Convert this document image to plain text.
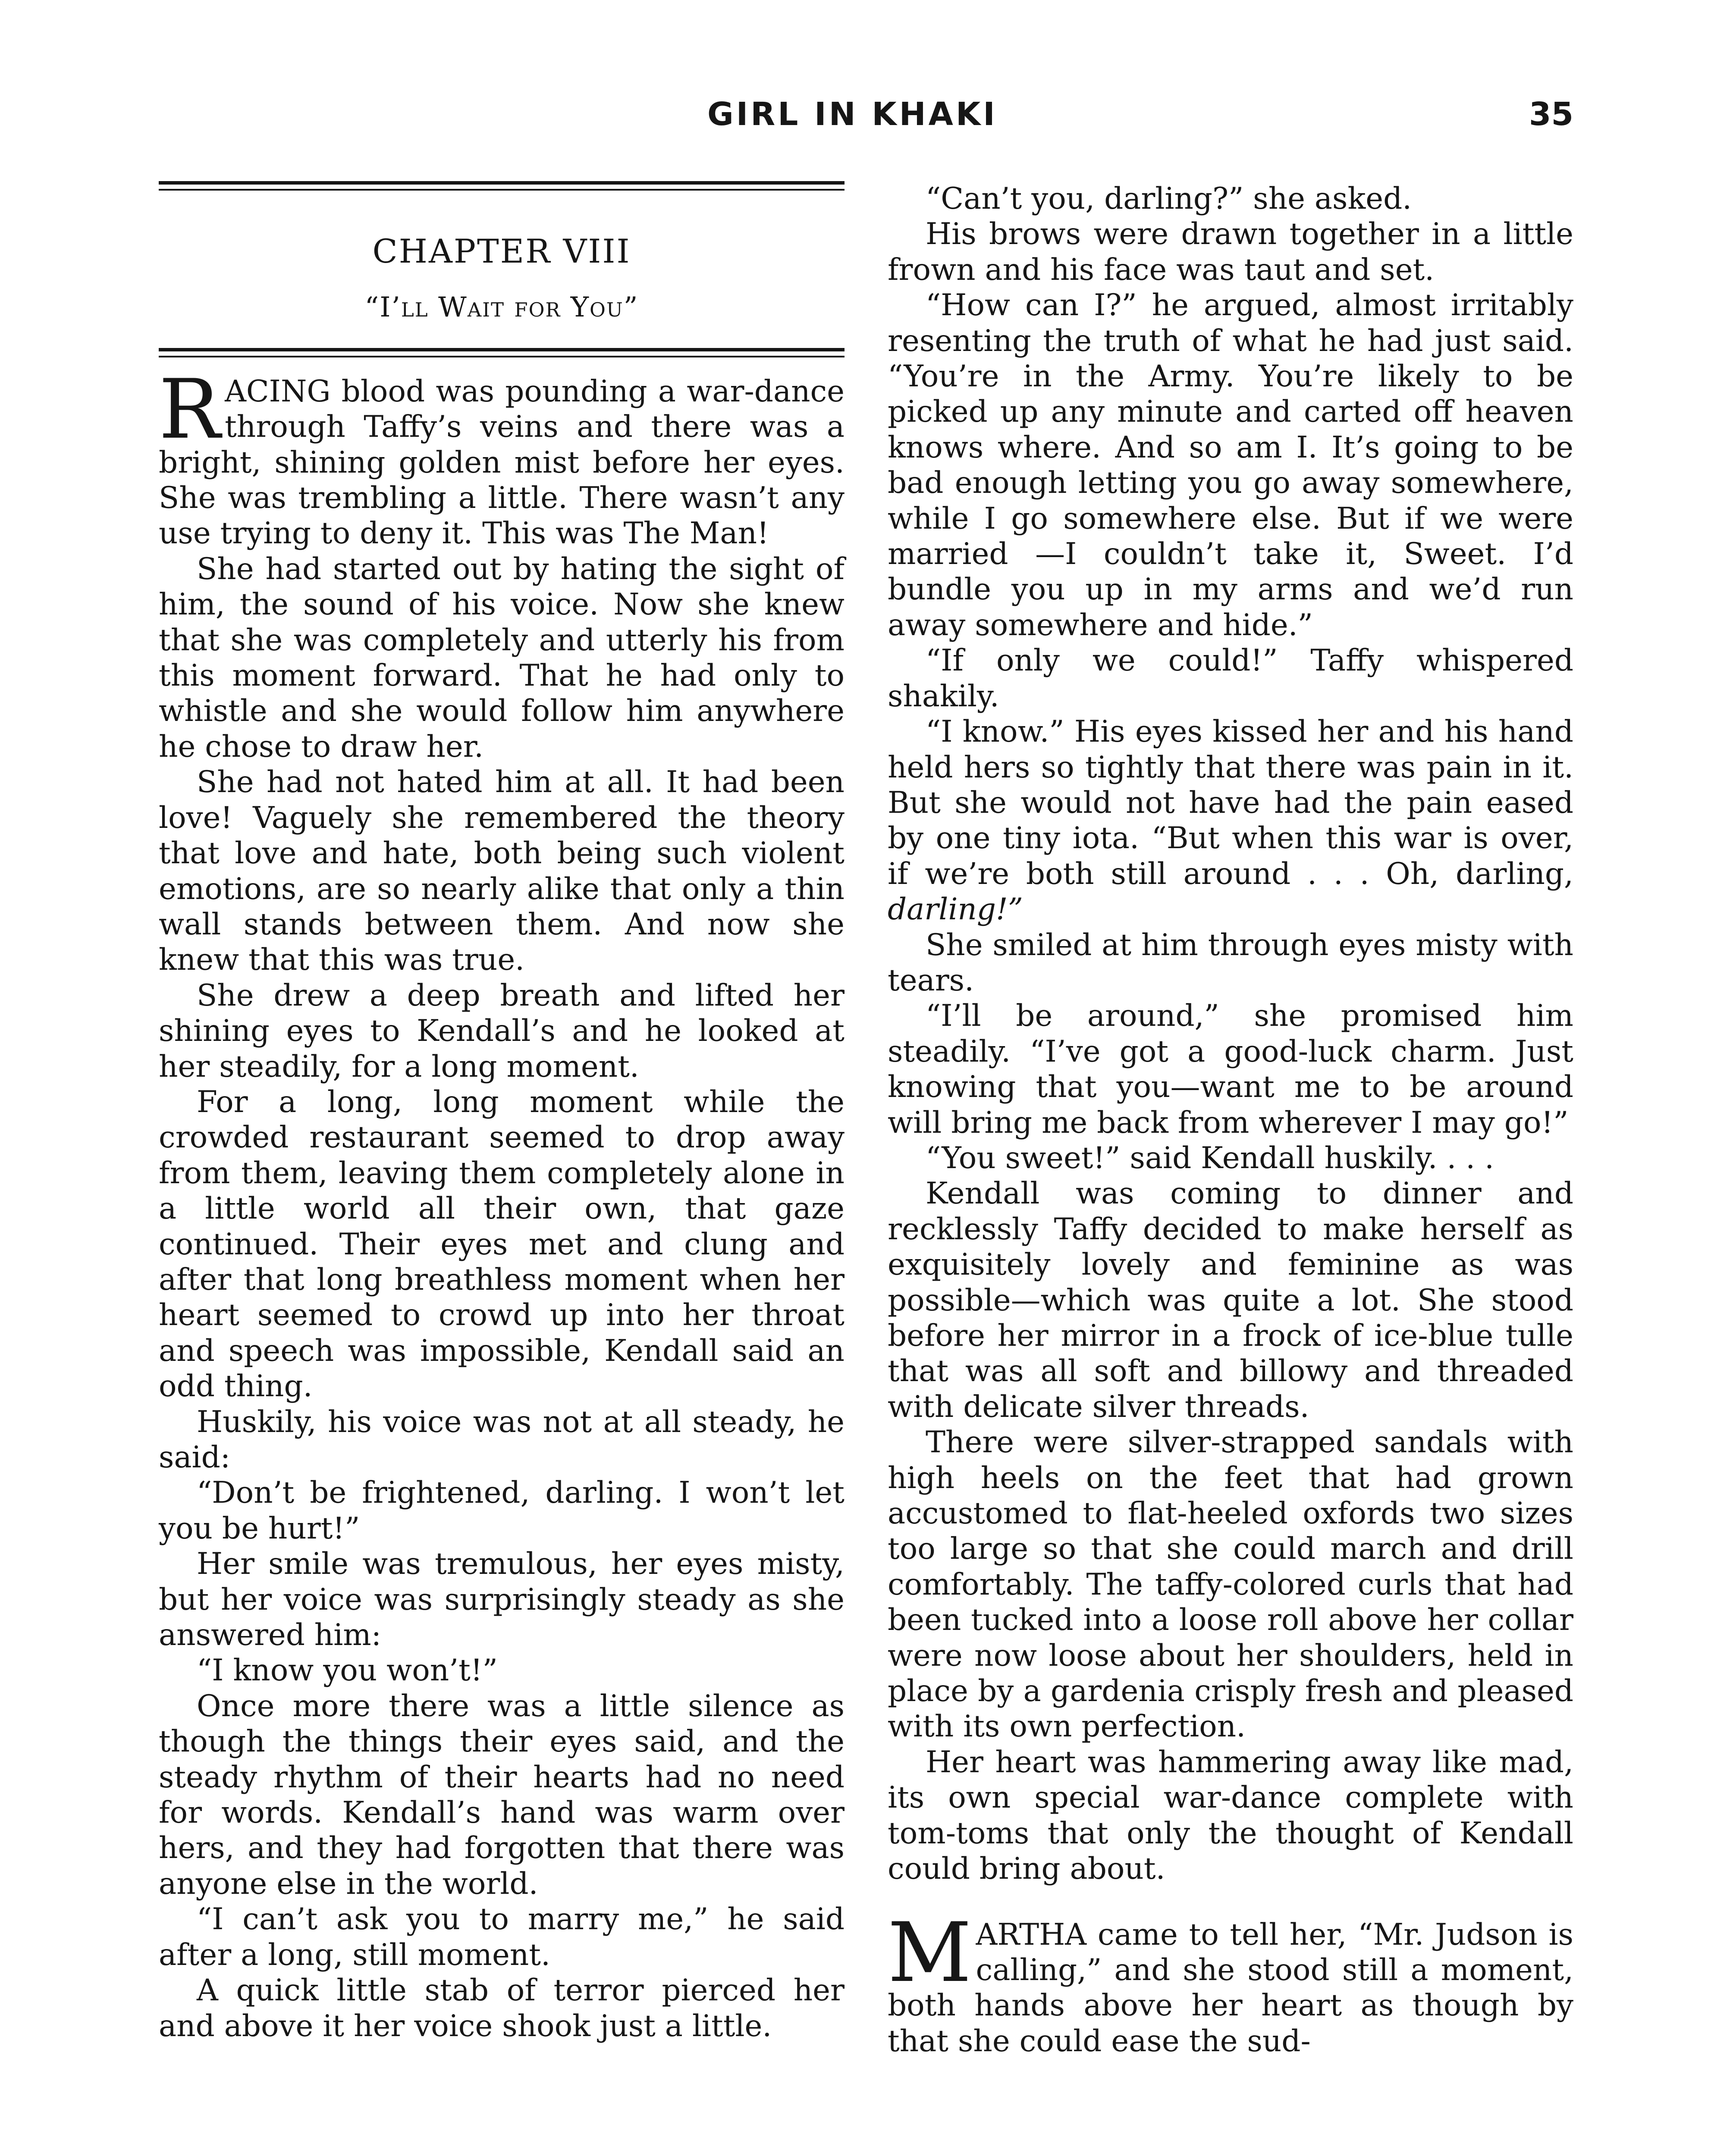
GIRL IN KHAKI	35
CHAPTER VIII
“I’ll Wait for You”

RACING blood was pounding a war-dance through Taffy’s veins and there was a bright, shining golden mist before her eyes. She was trembling a little. There wasn’t any use trying to deny it. This was The Man!

She had started out by hating the sight of him, the sound of his voice. Now she knew that she was completely and utterly his from this moment forward. That he had only to whistle and she would follow him anywhere he chose to draw her.

She had not hated him at all. It had been love! Vaguely she remembered the theory that love and hate, both being such violent emotions, are so nearly alike that only a thin wall stands between them. And now she knew that this was true.

She drew a deep breath and lifted her shining eyes to Kendall’s and he looked at her steadily, for a long moment.

For a long, long moment while the crowded restaurant seemed to drop away from them, leaving them completely alone in a little world all their own, that gaze continued. Their eyes met and clung and after that long breathless moment when her heart seemed to crowd up into her throat and speech was impossible, Kendall said an odd thing.

Huskily, his voice was not at all steady, he said:

“Don’t be frightened, darling. I won’t let you be hurt!”

Her smile was tremulous, her eyes misty, but her voice was surprisingly steady as she answered him:

“I know you won’t!”

Once more there was a little silence as though the things their eyes said, and the steady rhythm of their hearts had no need for words. Kendall’s hand was warm over hers, and they had forgotten that there was anyone else in the world.

“I can’t ask you to marry me,” he said after a long, still moment.

A quick little stab of terror pierced her and above it her voice shook just a little.

“Can’t you, darling?” she asked.

His brows were drawn together in a little frown and his face was taut and set.

“How can I?” he argued, almost irritably resenting the truth of what he had just said. “You’re in the Army. You’re likely to be picked up any minute and carted off heaven knows where. And so am I. It’s going to be bad enough letting you go away somewhere, while I go somewhere else. But if we were married —I couldn’t take it, Sweet. I’d bundle you up in my arms and we’d run away somewhere and hide.”

“If only we could!” Taffy whispered shakily.

“I know.” His eyes kissed her and his hand held hers so tightly that there was pain in it. But she would not have had the pain eased by one tiny iota. “But when this war is over, if we’re both still around . . . Oh, darling, darling!”

She smiled at him through eyes misty with tears.

“I’ll be around,” she promised him steadily. “I’ve got a good-luck charm. Just knowing that you—want me to be around will bring me back from wherever I may go!”

“You sweet!” said Kendall huskily. . . .

Kendall was coming to dinner and recklessly Taffy decided to make herself as exquisitely lovely and feminine as was possible—which was quite a lot. She stood before her mirror in a frock of ice-blue tulle that was all soft and billowy and threaded with delicate silver threads.

There were silver-strapped sandals with high heels on the feet that had grown accustomed to flat-heeled oxfords two sizes too large so that she could march and drill comfortably. The taffy-colored curls that had been tucked into a loose roll above her collar were now loose about her shoulders, held in place by a gardenia crisply fresh and pleased with its own perfection.

Her heart was hammering away like mad, its own special war-dance complete with tom-toms that only the thought of Kendall could bring about.

MARTHA came to tell her, “Mr. Judson is calling,” and she stood still a moment, both hands above her heart as though by that she could ease the sud-
